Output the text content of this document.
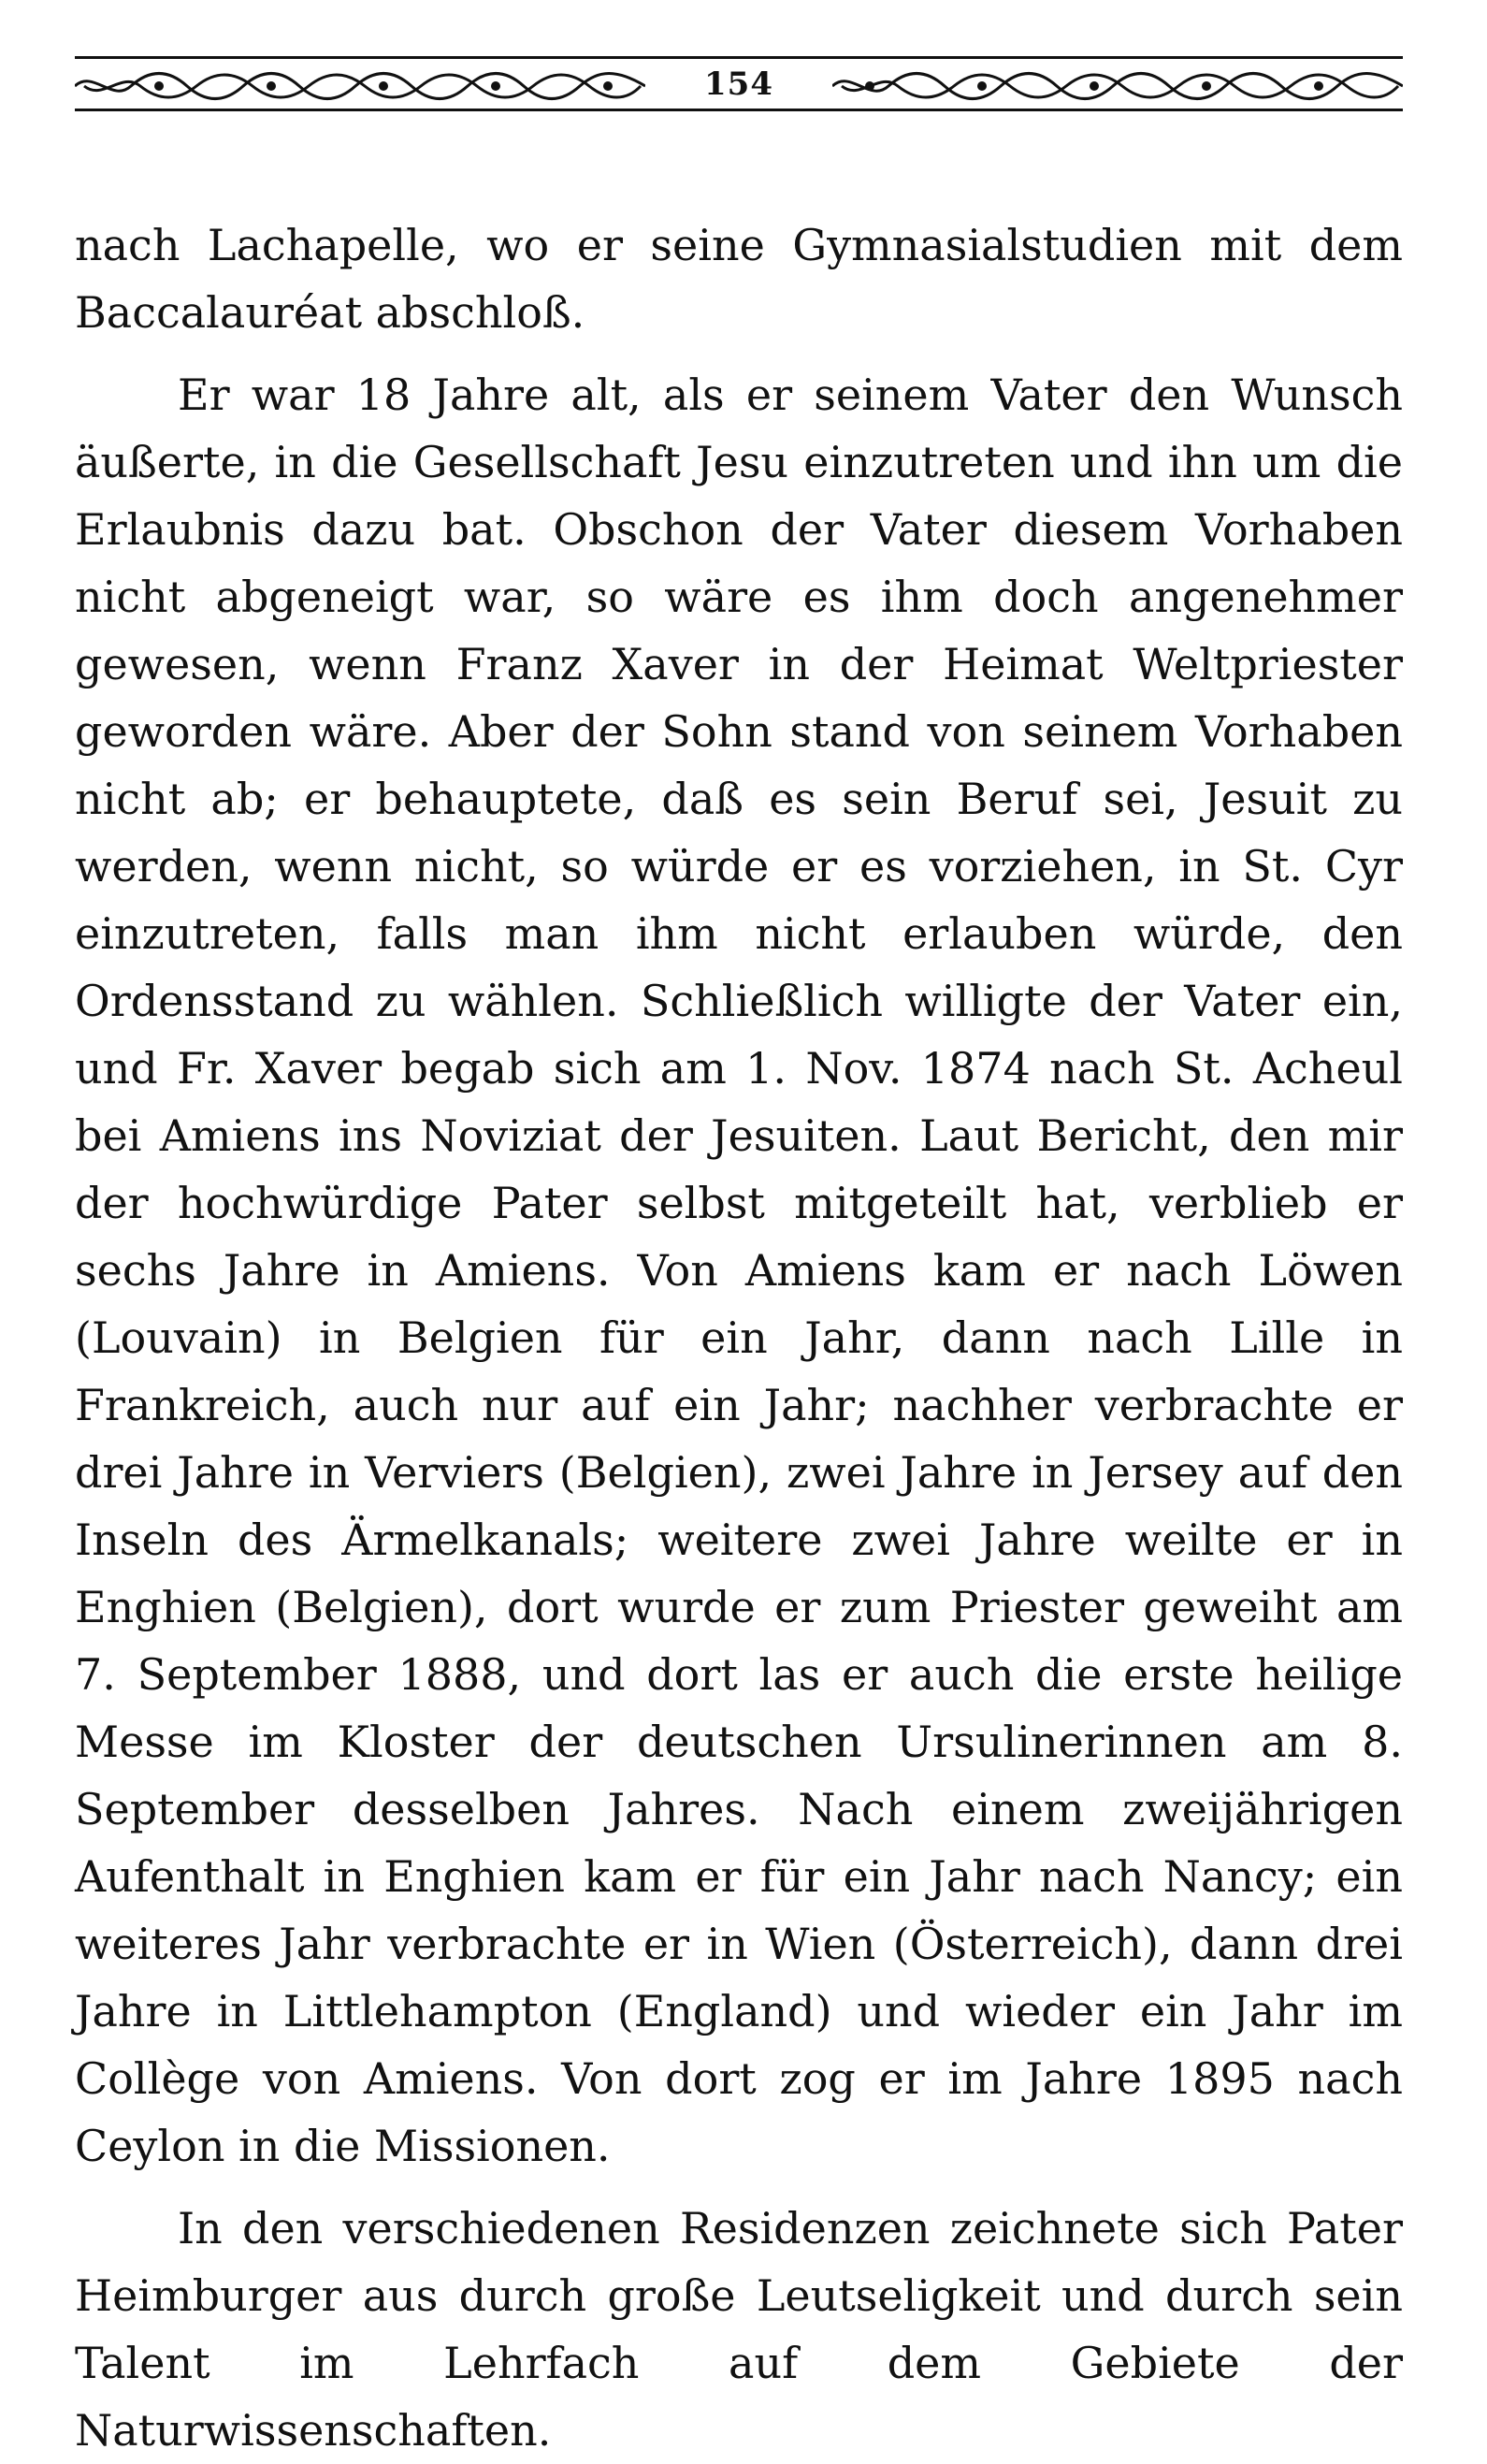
154

nach Lachapelle, wo er seine Gymnasialstudien mit dem Baccalauréat abschloß.

Er war 18 Jahre alt, als er seinem Vater den Wunsch äußerte, in die Gesellschaft Jesu einzutreten und ihn um die Erlaubnis dazu bat. Obschon der Vater diesem Vorhaben nicht abgeneigt war, so wäre es ihm doch angenehmer gewesen, wenn Franz Xaver in der Heimat Weltpriester geworden wäre. Aber der Sohn stand von seinem Vorhaben nicht ab; er behauptete, daß es sein Beruf sei, Jesuit zu werden, wenn nicht, so würde er es vorziehen, in St. Cyr einzutreten, falls man ihm nicht erlauben würde, den Ordensstand zu wählen. Schließlich willigte der Vater ein, und Fr. Xaver begab sich am 1. Nov. 1874 nach St. Acheul bei Amiens ins Noviziat der Jesuiten. Laut Bericht, den mir der hochwürdige Pater selbst mitgeteilt hat, verblieb er sechs Jahre in Amiens. Von Amiens kam er nach Löwen (Louvain) in Belgien für ein Jahr, dann nach Lille in Frankreich, auch nur auf ein Jahr; nachher verbrachte er drei Jahre in Verviers (Belgien), zwei Jahre in Jersey auf den Inseln des Ärmelkanals; weitere zwei Jahre weilte er in Enghien (Belgien), dort wurde er zum Priester geweiht am 7. September 1888, und dort las er auch die erste heilige Messe im Kloster der deutschen Ursulinerinnen am 8. September desselben Jahres. Nach einem zweijährigen Aufenthalt in Enghien kam er für ein Jahr nach Nancy; ein weiteres Jahr verbrachte er in Wien (Österreich), dann drei Jahre in Littlehampton (England) und wieder ein Jahr im Collège von Amiens. Von dort zog er im Jahre 1895 nach Ceylon in die Missionen.

In den verschiedenen Residenzen zeichnete sich Pater Heimburger aus durch große Leutseligkeit und durch sein Talent im Lehrfach auf dem Gebiete der Naturwissenschaften.
